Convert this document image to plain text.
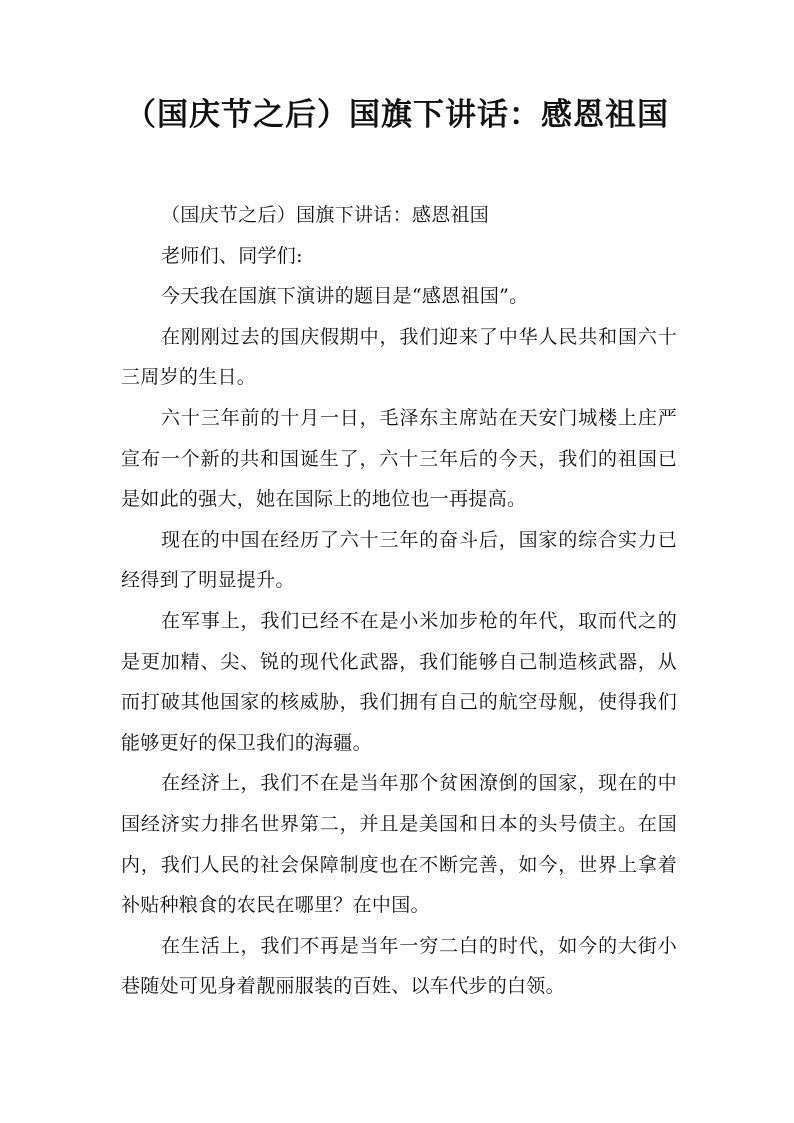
（国庆节之后）国旗下讲话：感恩祖国

（国庆节之后）国旗下讲话：感恩祖国

老师们、同学们:

今天我在国旗下演讲的题目是“感恩祖国”。

在刚刚过去的国庆假期中，我们迎来了中华人民共和国六十三周岁的生日。

六十三年前的十月一日，毛泽东主席站在天安门城楼上庄严宣布一个新的共和国诞生了，六十三年后的今天，我们的祖国已是如此的强大，她在国际上的地位也一再提高。

现在的中国在经历了六十三年的奋斗后，国家的综合实力已经得到了明显提升。

在军事上，我们已经不在是小米加步枪的年代，取而代之的是更加精、尖、锐的现代化武器，我们能够自己制造核武器，从而打破其他国家的核威胁，我们拥有自己的航空母舰，使得我们能够更好的保卫我们的海疆。

在经济上，我们不在是当年那个贫困潦倒的国家，现在的中国经济实力排名世界第二，并且是美国和日本的头号债主。在国内，我们人民的社会保障制度也在不断完善，如今，世界上拿着补贴种粮食的农民在哪里？在中国。

在生活上，我们不再是当年一穷二白的时代，如今的大街小巷随处可见身着靓丽服装的百姓、以车代步的白领。
